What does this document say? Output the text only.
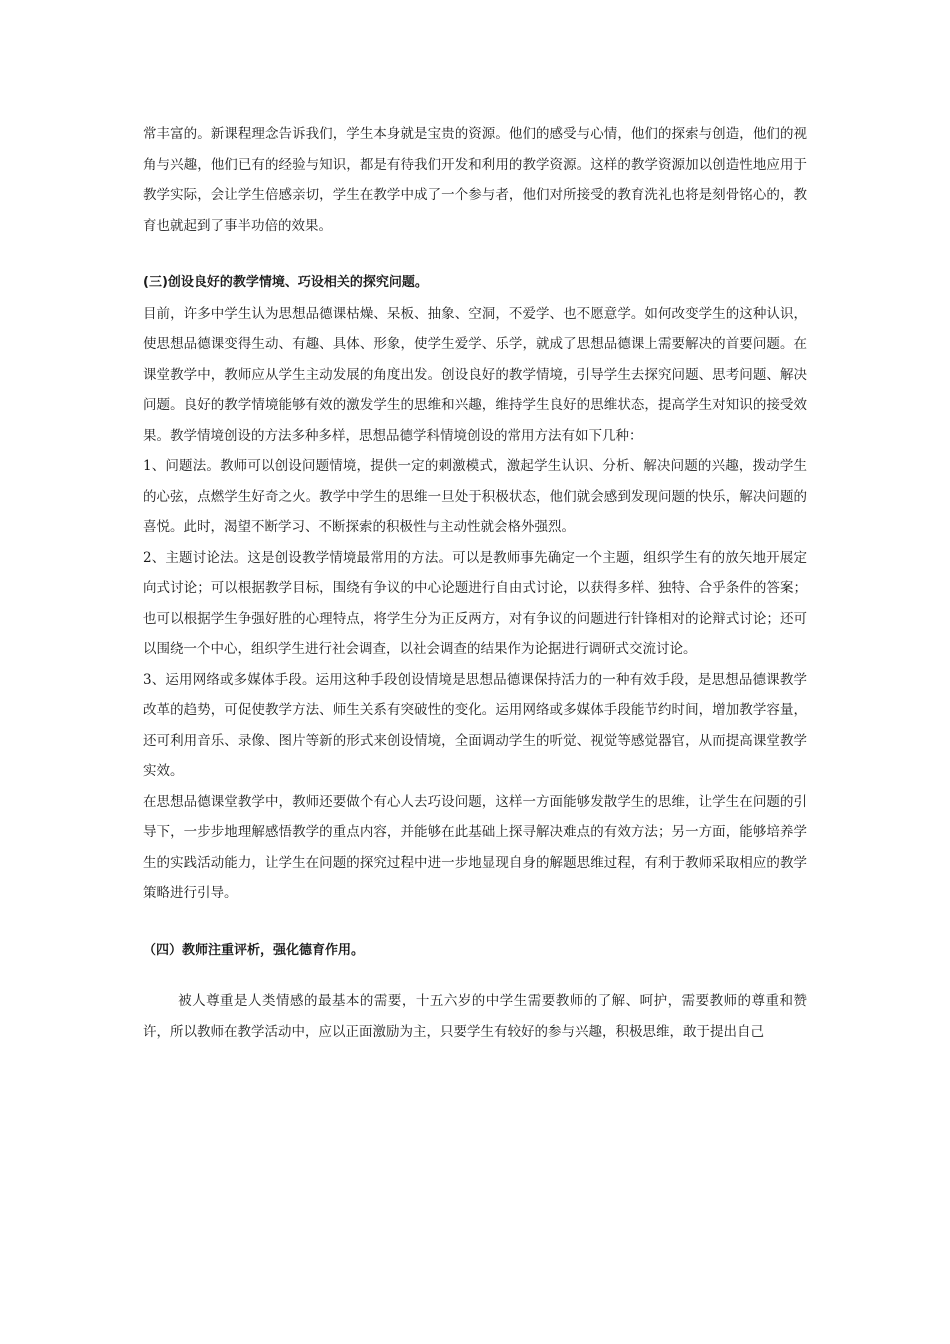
常丰富的。新课程理念告诉我们，学生本身就是宝贵的资源。他们的感受与心情，他们的探索与创造，他们的视角与兴趣，他们已有的经验与知识，都是有待我们开发和利用的教学资源。这样的教学资源加以创造性地应用于教学实际，会让学生倍感亲切，学生在教学中成了一个参与者，他们对所接受的教育洗礼也将是刻骨铭心的，教育也就起到了事半功倍的效果。

(三)创设良好的教学情境、巧设相关的探究问题。

目前，许多中学生认为思想品德课枯燥、呆板、抽象、空洞，不爱学、也不愿意学。如何改变学生的这种认识，使思想品德课变得生动、有趣、具体、形象，使学生爱学、乐学，就成了思想品德课上需要解决的首要问题。在课堂教学中，教师应从学生主动发展的角度出发。创设良好的教学情境，引导学生去探究问题、思考问题、解决问题。良好的教学情境能够有效的激发学生的思维和兴趣，维持学生良好的思维状态，提高学生对知识的接受效果。教学情境创设的方法多种多样，思想品德学科情境创设的常用方法有如下几种：

1、问题法。教师可以创设问题情境，提供一定的刺激模式，激起学生认识、分析、解决问题的兴趣，拨动学生的心弦，点燃学生好奇之火。教学中学生的思维一旦处于积极状态，他们就会感到发现问题的快乐，解决问题的喜悦。此时，渴望不断学习、不断探索的积极性与主动性就会格外强烈。

2、主题讨论法。这是创设教学情境最常用的方法。可以是教师事先确定一个主题，组织学生有的放矢地开展定向式讨论；可以根据教学目标，围绕有争议的中心论题进行自由式讨论，以获得多样、独特、合乎条件的答案；也可以根据学生争强好胜的心理特点，将学生分为正反两方，对有争议的问题进行针锋相对的论辩式讨论；还可以围绕一个中心，组织学生进行社会调查，以社会调查的结果作为论据进行调研式交流讨论。

3、运用网络或多媒体手段。运用这种手段创设情境是思想品德课保持活力的一种有效手段，是思想品德课教学改革的趋势，可促使教学方法、师生关系有突破性的变化。运用网络或多媒体手段能节约时间，增加教学容量，还可利用音乐、录像、图片等新的形式来创设情境，全面调动学生的听觉、视觉等感觉器官，从而提高课堂教学实效。

在思想品德课堂教学中，教师还要做个有心人去巧设问题，这样一方面能够发散学生的思维，让学生在问题的引导下，一步步地理解感悟教学的重点内容，并能够在此基础上探寻解决难点的有效方法；另一方面，能够培养学生的实践活动能力，让学生在问题的探究过程中进一步地显现自身的解题思维过程，有利于教师采取相应的教学策略进行引导。

（四）教师注重评析，强化德育作用。

被人尊重是人类情感的最基本的需要，十五六岁的中学生需要教师的了解、呵护，需要教师的尊重和赞许，所以教师在教学活动中，应以正面激励为主，只要学生有较好的参与兴趣，积极思维，敢于提出自己
